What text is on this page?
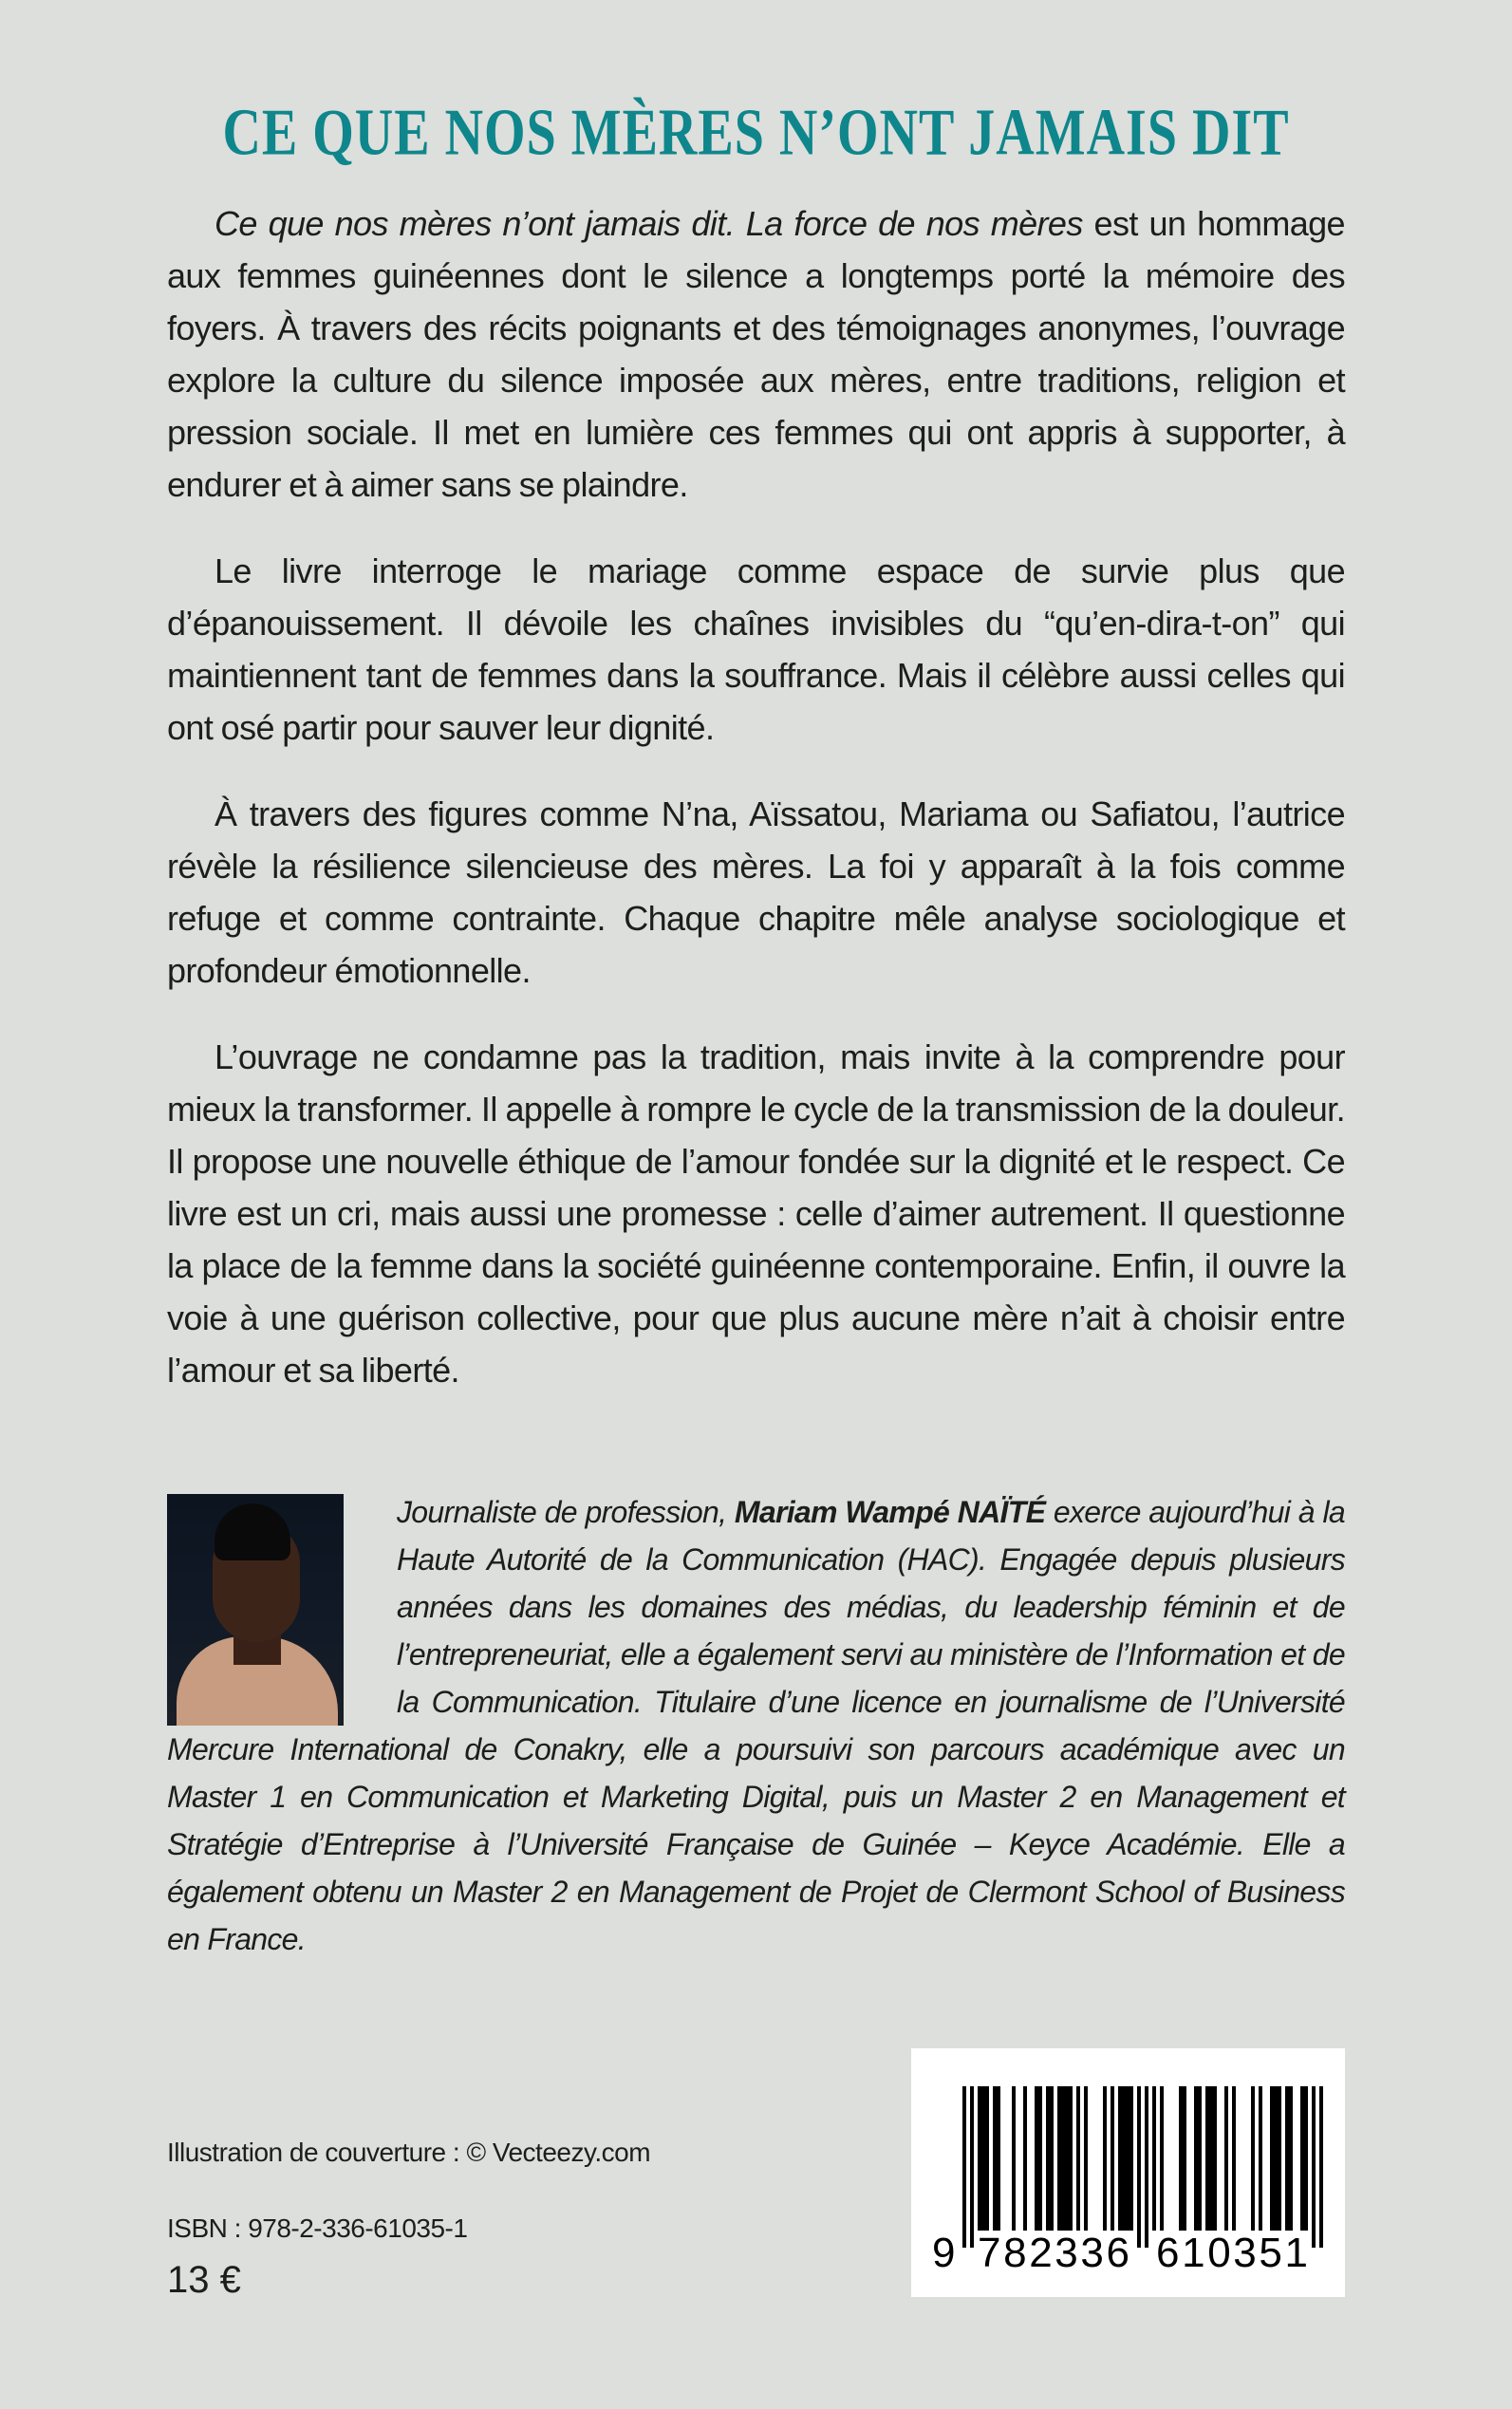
CE QUE NOS MÈRES N’ONT JAMAIS DIT

Ce que nos mères n’ont jamais dit. La force de nos mères est un hommage aux femmes guinéennes dont le silence a longtemps porté la mémoire des foyers. À travers des récits poignants et des témoignages anonymes, l’ouvrage explore la culture du silence imposée aux mères, entre traditions, religion et pression sociale. Il met en lumière ces femmes qui ont appris à supporter, à endurer et à aimer sans se plaindre.

Le livre interroge le mariage comme espace de survie plus que d’épanouissement. Il dévoile les chaînes invisibles du “qu’en-dira-t-on” qui maintiennent tant de femmes dans la souffrance. Mais il célèbre aussi celles qui ont osé partir pour sauver leur dignité.

À travers des figures comme N’na, Aïssatou, Mariama ou Safiatou, l’autrice révèle la résilience silencieuse des mères. La foi y apparaît à la fois comme refuge et comme contrainte. Chaque chapitre mêle analyse sociologique et profondeur émotionnelle.

L’ouvrage ne condamne pas la tradition, mais invite à la comprendre pour mieux la transformer. Il appelle à rompre le cycle de la transmission de la douleur. Il propose une nouvelle éthique de l’amour fondée sur la dignité et le respect. Ce livre est un cri, mais aussi une promesse : celle d’aimer autrement. Il questionne la place de la femme dans la société guinéenne contemporaine. Enfin, il ouvre la voie à une guérison collective, pour que plus aucune mère n’ait à choisir entre l’amour et sa liberté.

Journaliste de profession, Mariam Wampé NAÏTÉ exerce aujourd’hui à la Haute Autorité de la Communication (HAC). Engagée depuis plusieurs années dans les domaines des médias, du leadership féminin et de l’entrepreneuriat, elle a également servi au ministère de l’Information et de la Communication. Titulaire d’une licence en journalisme de l’Université Mercure International de Conakry, elle a poursuivi son parcours académique avec un Master 1 en Communication et Marketing Digital, puis un Master 2 en Management et Stratégie d’Entreprise à l’Université Française de Guinée – Keyce Académie. Elle a également obtenu un Master 2 en Management de Projet de Clermont School of Business en France.
Illustration de couverture : © Vecteezy.com
ISBN : 978-2-336-61035-1
13 €
9 782336 610351
